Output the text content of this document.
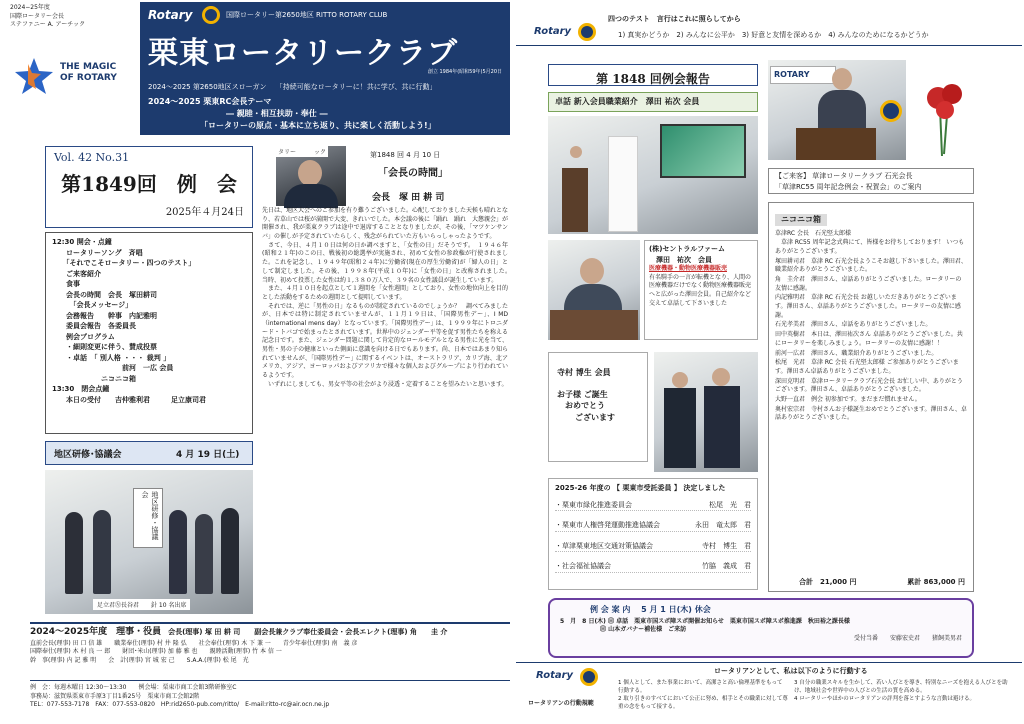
2024−25年度
国際ロータリー会長
ステファニー A. アーチック
THE MAGIC
OF ROTARY
Rotary	国際ロータリー第2650地区 RITTO ROTARY CLUB
栗東ロータリークラブ
創立 1984年(昭和59年)5月20日
2024〜2025 第2650地区スローガン　 「持続可能なロータリーに！共に学び、共に行動」
2024〜2025 栗東RC会長テーマ
― 親睦・相互扶助・奉仕 ―
「ロータリーの原点・基本に立ち返り、共に楽しく活動しよう!」
Vol. 42 No.31
第1849回　例　会
2025年４月24日
12:30 開会・点鐘
　　ロータリーソング　斉唱
　　「それでこそロータリー・四つのテスト」
　　ご来客紹介
　　食事
　　会長の時間　会長　塚田耕司
　　　「会長メッセージ」
　　会務報告　　幹事　内記雅明
　　委員会報告　各委員長
　　例会プログラム
　　・細則変更に伴う、賛成投票
　　・卓話　「 別人格 ・・・ 裁判 」
　　　　　　　　　　前河　一広 会員
　　　　　　　ニコニコ箱
13:30　閉会点鐘
　　本日の受付　　吉仲雅利君　　　足立康司君
地区研修･協議会	4 月 19 日(土)
地区研修・協議会
足立君㊧長谷君　　針 10 名出席
タリー　　　ック	第1848 回 4 月 10 日
「会長の時間」
会長　塚 田 耕 司
先日は、地区大会へのご参加を有り難うございました。心配しておりました天候も晴れとなり、若草山では桜が満開で大変、きれいでした。本会議の後に「踊れ　踊れ　大懇親会」が開催され、我が栗東クラブは途中で退席することとなりましたが、その後、「マツケンサンバ」の催しが予定されていたらしく、残念がられていた方もいらっしゃったようです。
　さて、今日、４月１０日は何の日か調べますと、「女性の日」だそうです。　１９４６年(昭和２１年)のこの日、戦後初の総選挙が実施され、初めて女性の参政権が行使されました。これを記念し、１９４９年(昭和２４年)に労働省(現在の厚生労働省)が「婦人の日」として制定しました。その後、１９９８年(平成１０年)に「女性の日」と改称されました。　当時、初めて投票した女性は約１,３８０万人で、３９名の女性議員が誕生しています。
　また、４月１０日を起点として１週間を「女性週間」としており、女性の地位向上を目的とした活動をするための週間として提唱しています。
　それでは、逆に「男性の日」なるものが制定されているのでしょうか？　調べてみましたが、日本では特に制定されていませんが、１１月１９日は、｢国際男性デー｣、I MD（international mens day）となっています。｢国際男性デー｣ は、１９９９年にトロニダード・トバゴで始まったとされています。世界中のジェンダー平等を促す男性たちを称える記念日です。また、ジェンダー問題に関して肯定的なロールモデルとなる男性に光を当て、男性・男の子の健康といった側面に意識を向ける日でもあります。尚、日本ではあまり知られていませんが、｢国際男性デー｣ に関するイベントは、オーストラリア、カリブ海、北アメリカ、アジア、ヨーロッパおよびアフリカで様々な個人およびグループにより行われているようです。
　いずれにしましても、男女平等の社会がより浸透・定着することを望みたいと思います。
2024〜2025年度　理事・役員　 会長(理事) 塚 田 耕 司　　副会長兼クラブ奉仕委員会・会長エレクト(理事) 角　　圭 介
直前会長(理事) 田 口 信 雄　　職業奉仕(理事) 村 井 隆 弘　　社会奉仕(理事) 木 下 兼 一　　青少年奉仕(理事) 南　義 彦
国際奉仕(理事) 木 村 良 一 郎　　財団･米山(理事) 加 藤 雅 也　　親睦活動(理事) 竹 本 信 一
幹　事(理事) 内 記 雅 明　　会　計(理事) 宮 城 宏 己　　S.A.A.(理事) 松 尾　光
例　会：毎週木曜日 12:30〜13:30　　例会場：栗東市商工会館3階研修室C
事務局：滋賀県栗東市手原3丁目1番25号　栗東市商工会館2階
TEL：077-553-7178　FAX：077-553-0820　HP:rid2650-pub.com/ritto/　E-mail:ritto-rc@air.ocn.ne.jp
Rotary
四つのテスト　言行はこれに照らしてから
1) 真実かどうか　2) みんなに公平か　3) 好意と友情を深めるか　4) みんなのためになるかどうか
第 1848 回例会報告
卓話 新入会員職業紹介　澤田 祐次 会員
(株)セントラルファーム
　澤田　祐次　会員
医療機器・動物医療機器販売
有名騎手の一言が転機となり、人間の医療機器だけでなく動物医療機器販売へと広がった澤田会員。自己紹介など交えて卓話して下さいました
寺村 博生 会員
お子様 ご誕生
おめでとう
ございます
2025-26 年度の 【 栗東市受託委員 】 決定しました
・栗東市緑化推進委員会	松尾　光　君
・栗東市人権啓発運動推進協議会	永田　竜太郎　君
・草津栗東地区交通対策協議会	寺村　博生　君
・社会福祉協議会	竹脇　義成　君
ROTARY
【ご来客】 草津ロータリークラブ 石光会長
「草津RC55 周年記念例会・祝賀会」のご案内
ニコニコ箱
草津RC 会長　石光堅太郎様
　草津 RC55 周年記念式典にて、皆様をお待ちしております！ いつもありがとうございます。
塚田耕司君　草津 RC 石光会長ようこそお越し下さいました。澤田君、職業紹介ありがとうございました。
角　圭介君　澤田さん、卓話ありがとうございました。ロータリーの友情に感謝。
内記雅明君　草津 RC 石光会長 お越しいただきありがとうございます。澤田さん、卓話ありがとうございました。ロータリーの友情に感謝。
石光孝美君　澤田さん、卓話をありがとうございました。
田中英樹君　本日は、澤田祐次さん 卓話ありがとうございました。共にロータリーを楽しみましょう。ロータリーの友情に感謝！！
前河一広君　澤田さん、職業紹介ありがとうございました。
松尾　光君　草津 RC 会長 石光堅太郎様 ご参加ありがとうございます。澤田さん卓話ありがとうございました。
深田克明君　草津ロータリークラブ石光会長 お忙しい中、ありがとうございます。澤田さん、卓話ありがとうございました。
大野一直君　例会 初参加です。まだまだ慣れません。
奥村宏宗君　寺村さんお子様誕生おめでとうございます。澤田さん、卓話ありがとうございました。
合計　21,000 円	累計 863,000 円
例 会 案 内　 5 月 1 日(木) 休会
5　月　8 日(木) ㊐ 卓話　栗東市国スポ障スポ開催お知らせ　栗東市国スポ障スポ推進課　秋田裕之課長様
㊐ 山本ガバナー補佐様　ご来訪
受付当番　　安藤宏史君　　猪飼美男君
Rotary
ロータリアンの行動規範
ロータリアンとして、私は以下のように行動する
1 個人として、また事業において、高潔さと高い倫理基準をもって行動する。
2 取り引きのすべてにおいて公正に努め、相手とその職業に対して尊重の念をもって接する。
3 自分の職業スキルを生かして、若い人びとを導き、特別なニーズを抱える人びとを助け、地域社会や世界中の人びとの生活の質を高める。
4 ロータリーやほかのロータリアンの評判を落とすような言動は避ける。
